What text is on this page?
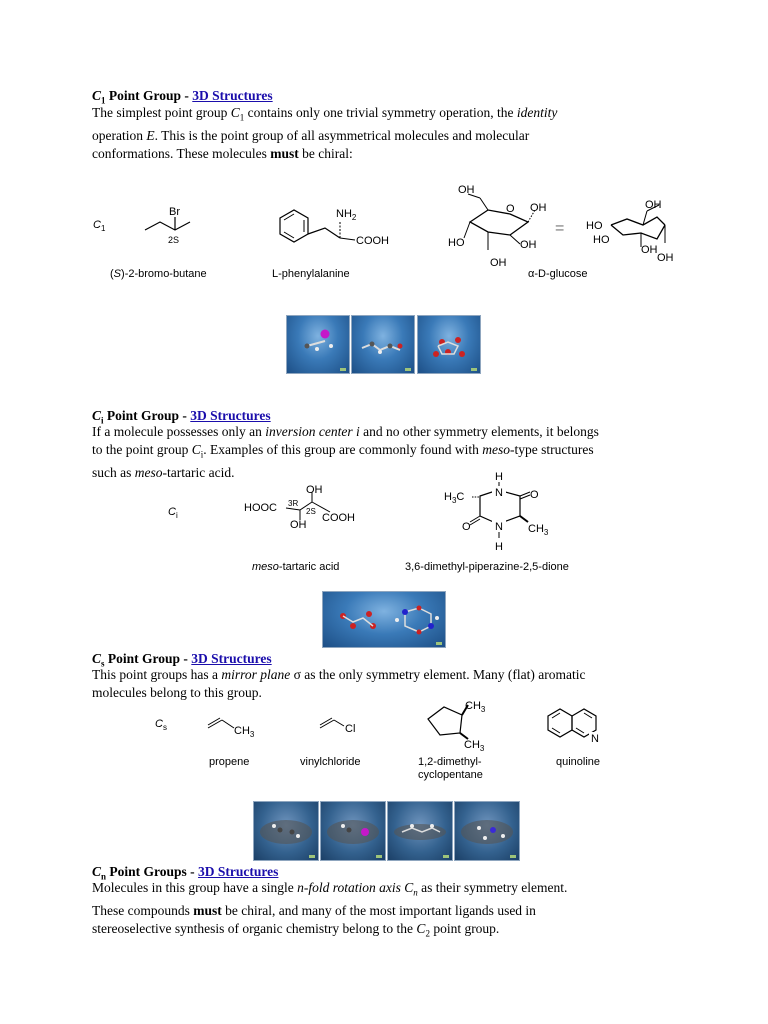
$C_1$ Point Group - 3D Structures

The simplest point group $C_1$ contains only one trivial symmetry operation, the identity

operation E. This is the point group of all asymmetrical molecules and molecular

conformations. These molecules must be chiral:

$C_1$
Br
2S
$NH_2$
COOH
OH
O OH
HO
OH
OH
=
OH
HO
HO
OH
OH
(S)-2-bromo-butane	L-phenylalanine	α-D-glucose
$C_i$ Point Group - 3D Structures

If a molecule possesses only an inversion center i and no other symmetry elements, it belongs

to the point group $C_i$. Examples of this group are commonly found with meso-type structures

such as meso-tartaric acid.

$C_i$
HOOC
OH
OH
3R
2S
COOH
H
N O
$H_3C$
O	$CH_3$
N
H
meso-tartaric acid	3,6-dimethyl-piperazine-2,5-dione
$C_s$ Point Group - 3D Structures

This point groups has a mirror plane σ as the only symmetry element. Many (flat) aromatic

molecules belong to this group.

$C_s$	$CH_3$	Cl
$CH_3$
$CH_3$
N
propene	vinylchloride	1,2-dimethyl-
cyclopentane
quinoline
$C_n$ Point Groups - 3D Structures

Molecules in this group have a single n-fold rotation axis $C_n$ as their symmetry element.

These compounds must be chiral, and many of the most important ligands used in

stereoselective synthesis of organic chemistry belong to the $C_2$ point group.
